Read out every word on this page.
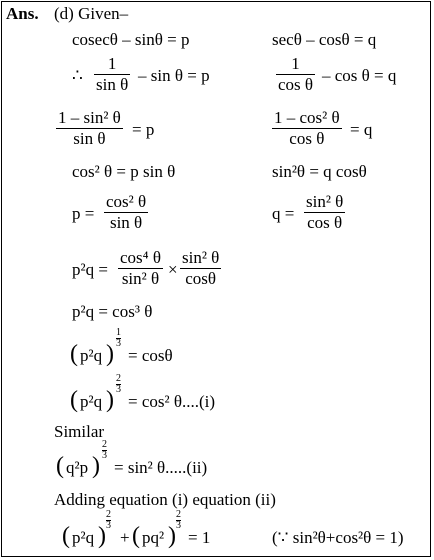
Ans. (d) Given–
cosecθ – sinθ = p	secθ – cosθ = q
∴
1
sin θ – sin θ = p
1
cos θ – cos θ = q
1 – sin² θ
sin θ = p
1 – cos² θ
cos θ = q
cos² θ = p sin θ	sin²θ = q cosθ
p =
cos² θ
sin θ	q =
sin² θ
cos θ
p²q =
cos⁴ θ
sin² θ ×
sin² θ
cosθ
p²q = cos³ θ
( p²q )
1
3
= cosθ
( p²q )
2
3
= cos² θ....(i)
Similar
( q²p )
2
3
= sin² θ.....(ii)
Adding equation (i) equation (ii)
( p²q )
2
3
+ ( pq² )
2
3
= 1	(∵ sin²θ+cos²θ = 1)
